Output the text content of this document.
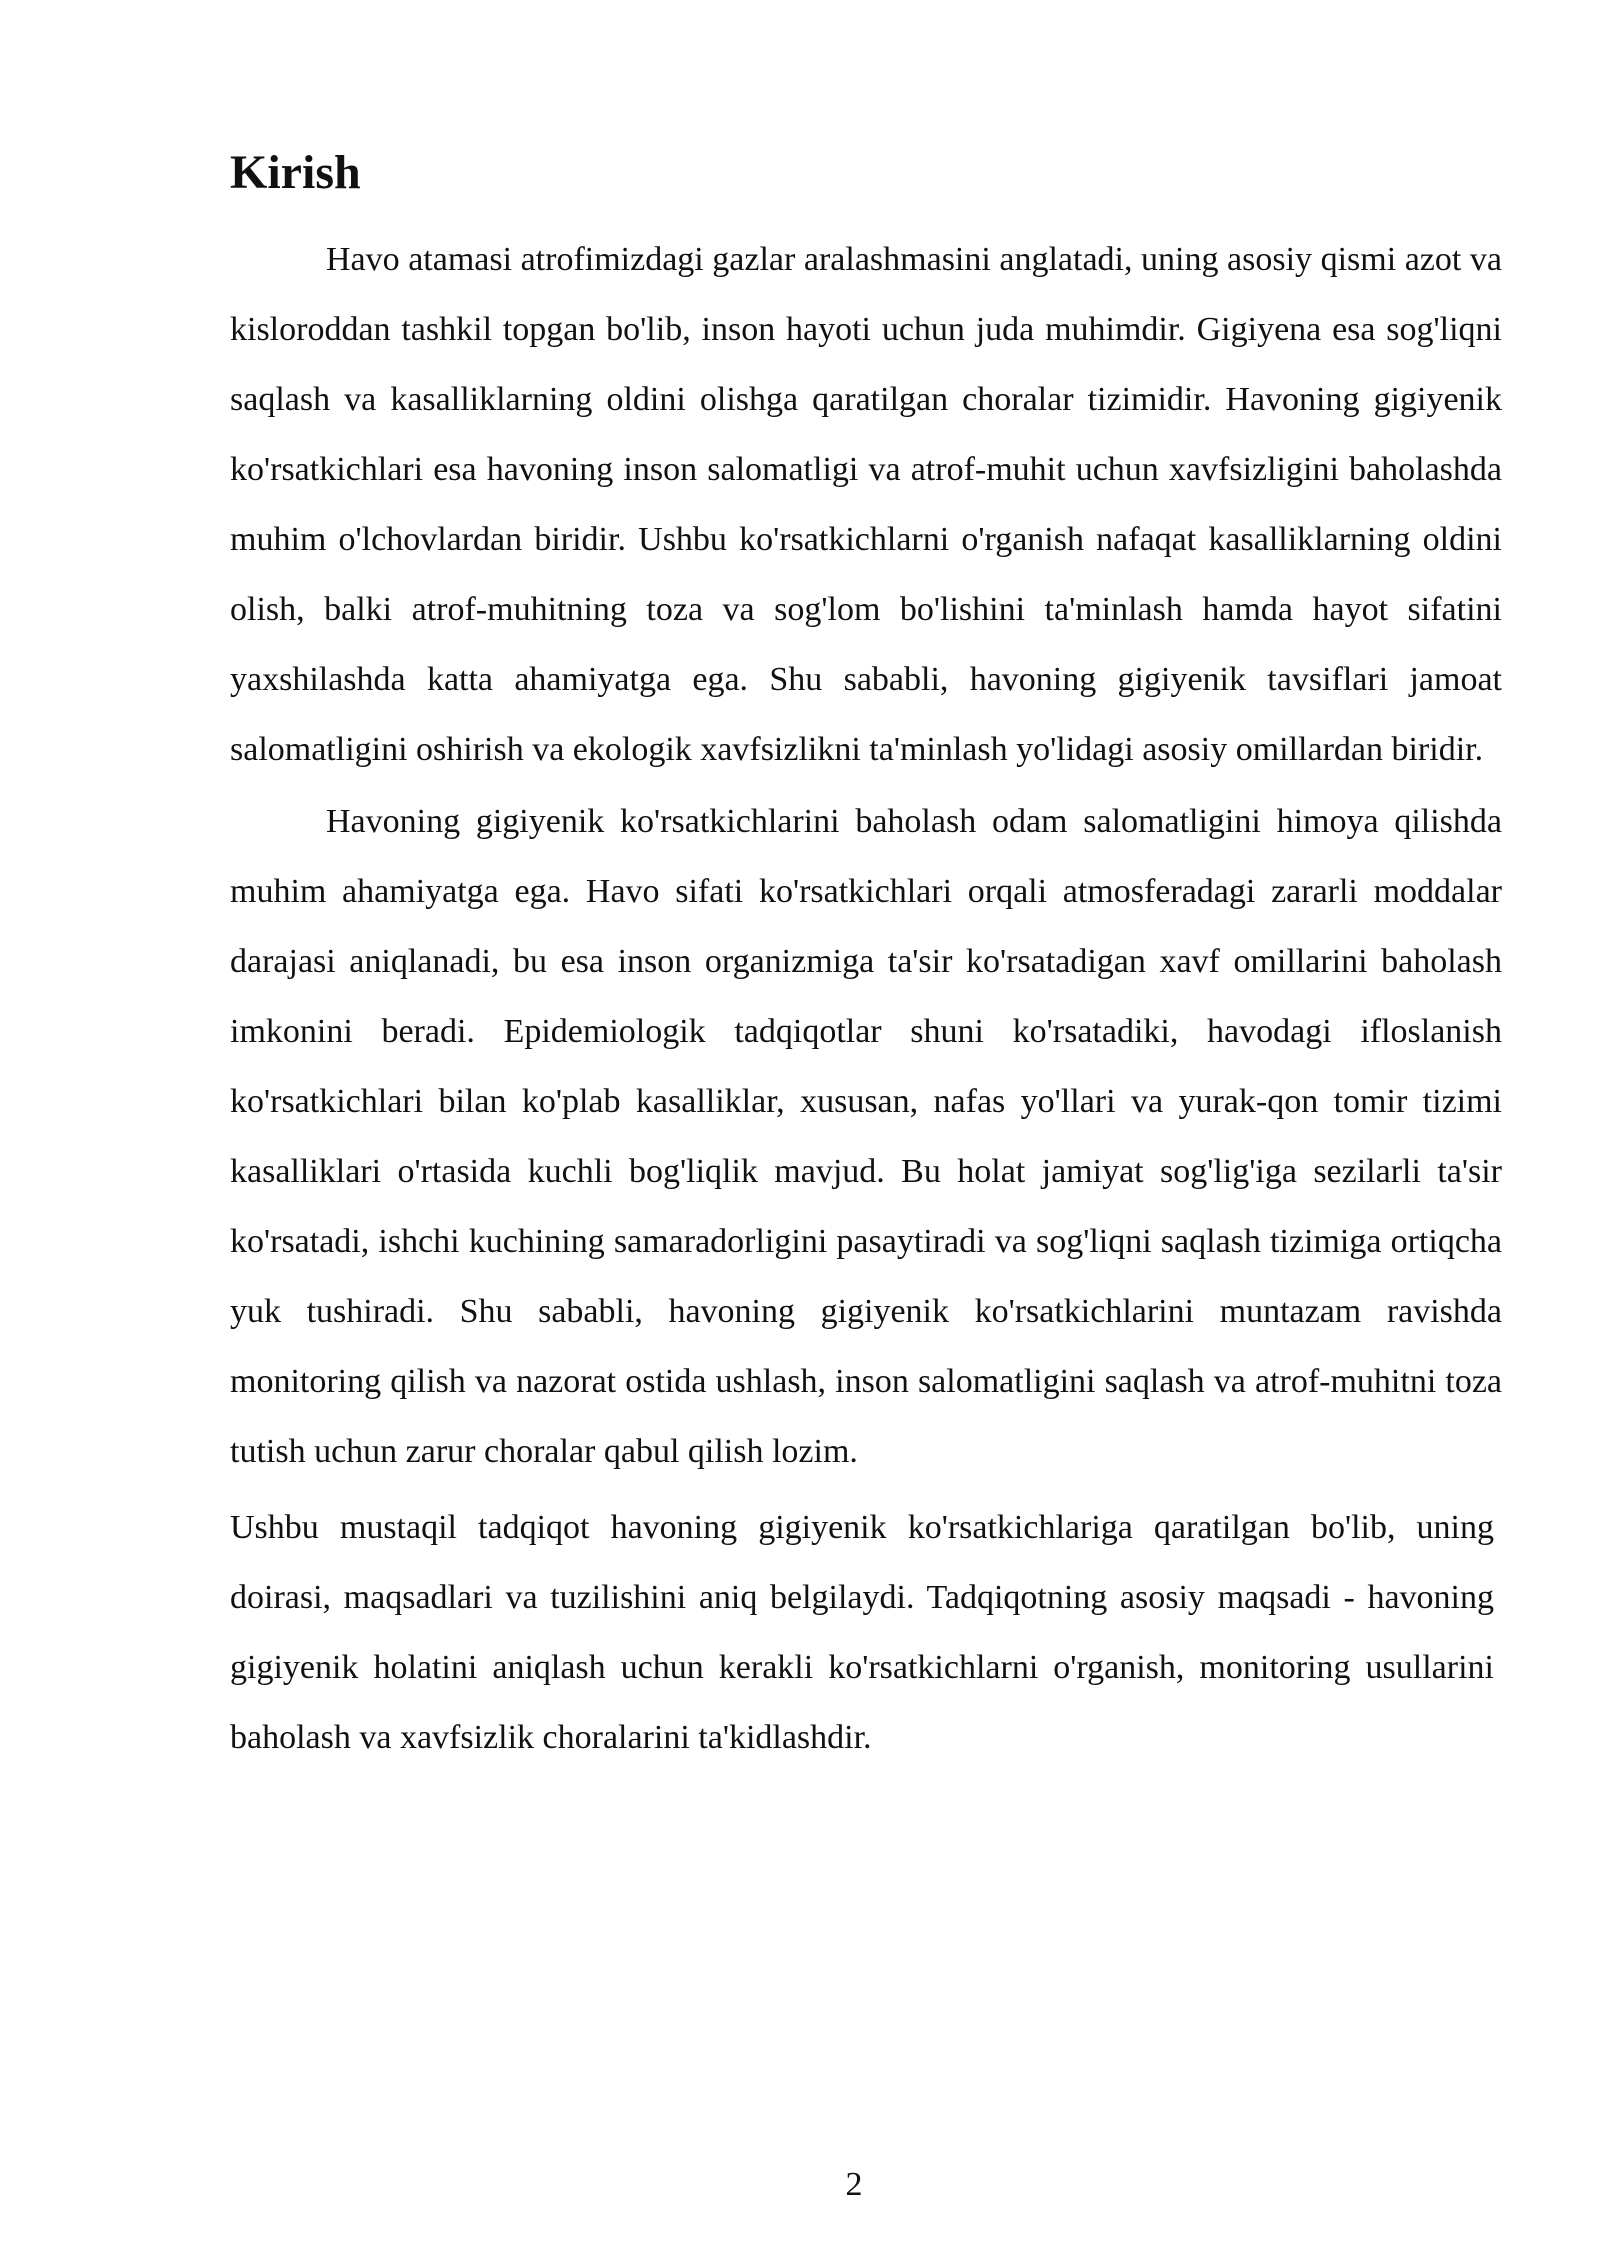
Kirish

Havo atamasi atrofimizdagi gazlar aralashmasini anglatadi, uning asosiy qismi azot va kisloroddan tashkil topgan bo'lib, inson hayoti uchun juda muhimdir. Gigiyena esa sog'liqni saqlash va kasalliklarning oldini olishga qaratilgan choralar tizimidir. Havoning gigiyenik ko'rsatkichlari esa havoning inson salomatligi va atrof-muhit uchun xavfsizligini baholashda muhim o'lchovlardan biridir. Ushbu ko'rsatkichlarni o'rganish nafaqat kasalliklarning oldini olish, balki atrof-muhitning toza va sog'lom bo'lishini ta'minlash hamda hayot sifatini yaxshilashda katta ahamiyatga ega. Shu sababli, havoning gigiyenik tavsiflari jamoat salomatligini oshirish va ekologik xavfsizlikni ta'minlash yo'lidagi asosiy omillardan biridir.

Havoning gigiyenik ko'rsatkichlarini baholash odam salomatligini himoya qilishda muhim ahamiyatga ega. Havo sifati ko'rsatkichlari orqali atmosferadagi zararli moddalar darajasi aniqlanadi, bu esa inson organizmiga ta'sir ko'rsatadigan xavf omillarini baholash imkonini beradi. Epidemiologik tadqiqotlar shuni ko'rsatadiki, havodagi ifloslanish ko'rsatkichlari bilan ko'plab kasalliklar, xususan, nafas yo'llari va yurak-qon tomir tizimi kasalliklari o'rtasida kuchli bog'liqlik mavjud. Bu holat jamiyat sog'lig'iga sezilarli ta'sir ko'rsatadi, ishchi kuchining samaradorligini pasaytiradi va sog'liqni saqlash tizimiga ortiqcha yuk tushiradi. Shu sababli, havoning gigiyenik ko'rsatkichlarini muntazam ravishda monitoring qilish va nazorat ostida ushlash, inson salomatligini saqlash va atrof-muhitni toza tutish uchun zarur choralar qabul qilish lozim.

Ushbu mustaqil tadqiqot havoning gigiyenik ko'rsatkichlariga qaratilgan bo'lib, uning doirasi, maqsadlari va tuzilishini aniq belgilaydi. Tadqiqotning asosiy maqsadi - havoning gigiyenik holatini aniqlash uchun kerakli ko'rsatkichlarni o'rganish, monitoring usullarini baholash va xavfsizlik choralarini ta'kidlashdir.

2
